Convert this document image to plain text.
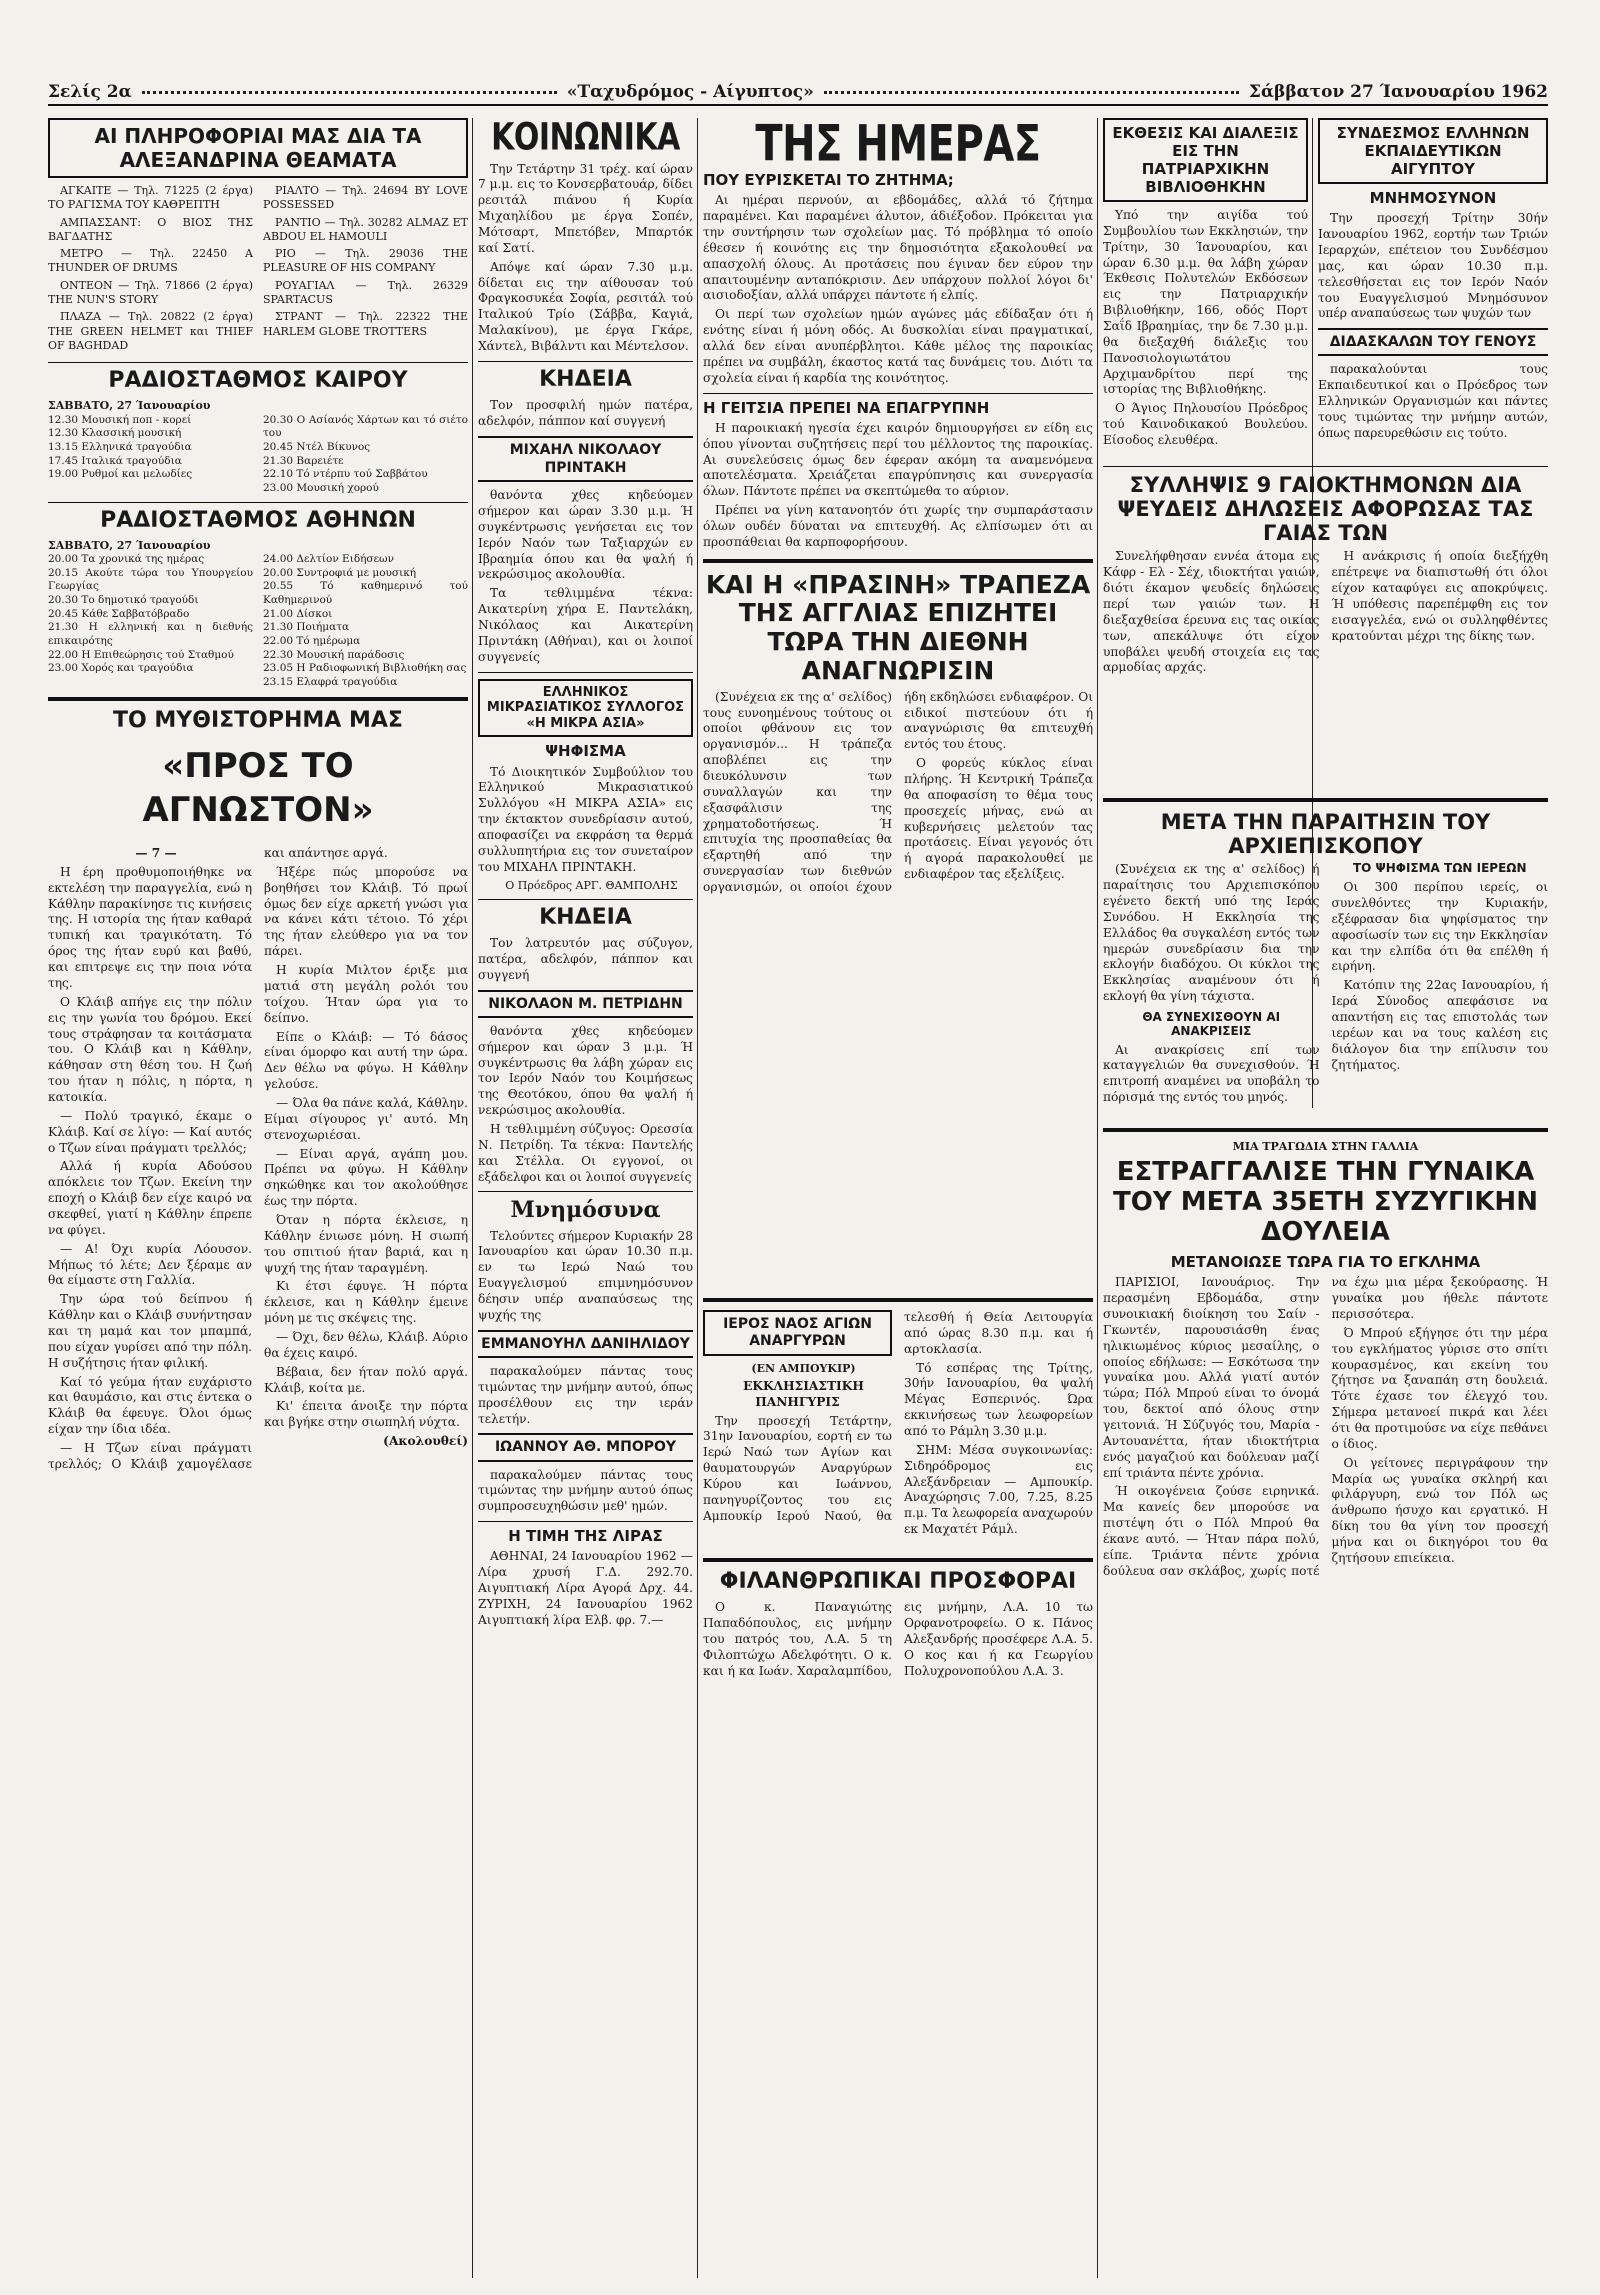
Σελίς 2α	«Ταχυδρόμος - Αίγυπτος»	Σάββατον 27 Ίανουαρίου 1962
ΑΙ ΠΛΗΡΟΦΟΡΙΑΙ ΜΑΣ ΔΙΑ ΤΑ ΑΛΕΞΑΝΔΡΙΝΑ ΘΕΑΜΑΤΑ

ΑΓΚΑΙΤΕ — Τηλ. 71225 (2 έργα) ΤΟ ΡΑΓΙΣΜΑ ΤΟΥ ΚΑΘΡΕΠΤΗ

ΑΜΠΑΣΣΑΝΤ: Ο ΒΙΟΣ ΤΗΣ ΒΑΓΔΑΤΗΣ

ΜΕΤΡΟ — Τηλ. 22450 A THUNDER OF DRUMS

ΟΝΤΕΟΝ — Τηλ. 71866 (2 έργα) THE NUN'S STORY

ΠΛΑΖΑ — Τηλ. 20822 (2 έργα) THE GREEN HELMET και THIEF OF BAGHDAD

ΡΙΑΛΤΟ — Τηλ. 24694 BY LOVE POSSESSED

ΡΑΝΤΙΟ — Τηλ. 30282 ALMAZ ET ABDOU EL HAMOULI

ΡΙΟ — Τηλ. 29036 THE PLEASURE OF HIS COMPANY

ΡΟΥΑΓΙΑΛ — Τηλ. 26329 SPARTACUS

ΣΤΡΑΝΤ — Τηλ. 22322 THE HARLEM GLOBE TROTTERS

ΡΑΔΙΟΣΤΑΘΜΟΣ ΚΑΙΡΟΥ
ΣΑΒΒΑΤΟ, 27 Ίανουαρίου
12.30 Μουσική ποπ - κορεί
12.30 Κλασσική μουσική
13.15 Ελληνικά τραγούδια
17.45 Ιταλικά τραγούδια
19.00 Ρυθμοί και μελωδίες
20.30 Ο Ασίανός Χάρτων και τό σιέτο του
20.45 Ντέλ Βίκυνος
21.30 Βαρειέτε
22.10 Τό ντέρπυ τού Σαββάτου
23.00 Μουσική χορού
ΡΑΔΙΟΣΤΑΘΜΟΣ ΑΘΗΝΩΝ
ΣΑΒΒΑΤΟ, 27 Ίανουαρίου
20.00 Τα χρονικά της ημέρας
20.15 Ακούτε τώρα του Υπουργείου Γεωργίας
20.30 Το δημοτικό τραγούδι
20.45 Κάθε Σαββατόβραδο
21.30 Η ελληνική και η διεθνής επικαιρότης
22.00 Η Επιθεώρησις τού Σταθμού
23.00 Χορός και τραγούδια
24.00 Δελτίον Ειδήσεων
20.00 Συντροφιά με μουσική
20.55 Τό καθημερινό τού Καθημερινού
21.00 Δίσκοι
21.30 Ποιήματα
22.00 Τό ημέρωμα
22.30 Μουσική παράδοσις
23.05 Η Ραδιοφωνική Βιβλιοθήκη σας
23.15 Ελαφρά τραγούδια
ΤΟ ΜΥΘΙΣΤΟΡΗΜΑ ΜΑΣ
«ΠΡΟΣ ΤΟ ΑΓΝΩΣΤΟΝ»

— 7 —

Η έρη προθυμοποιήθηκε να εκτελέση την παραγγελία, ενώ η Κάθλην παρακίνησε τις κινήσεις της. Η ιστορία της ήταν καθαρά τυπική και τραγικότατη. Τό όρος της ήταν ευρύ και βαθύ, και επιτρεψε εις την ποια νότα της.

Ο Κλάιβ απήγε εις την πόλιν εις την γωνία του δρόμου. Εκεί τους στράφησαν τα κοιτάσματα του. Ο Κλάιβ και η Κάθλην, κάθησαν στη θέση του. Η ζωή του ήταν η πόλις, η πόρτα, η κατοικία.

— Πολύ τραγικό, έκαμε ο Κλάιβ. Καί σε λίγο: — Καί αυτός ο Τζων είναι πράγματι τρελλός;

Αλλά ή κυρία Αδούσου απόκλειε τον Τζων. Εκείνη την εποχή ο Κλάιβ δεν είχε καιρό να σκεφθεί, γιατί η Κάθλην έπρεπε να φύγει.

— Α! Όχι κυρία Λόουσον. Μήπως τό λέτε; Δεν ξέραμε αν θα είμαστε στη Γαλλία.

Την ώρα τού δείπνου ή Κάθλην και ο Κλάιβ συνήντησαν και τη μαμά και τον μπαμπά, που είχαν γυρίσει από την πόλη. Η συζήτησις ήταν φιλική.

Καί τό γεύμα ήταν ευχάριστο και θαυμάσιο, και στις έντεκα ο Κλάιβ θα έφευγε. Όλοι όμως είχαν την ίδια ιδέα.

— Η Τζων είναι πράγματι τρελλός; Ο Κλάιβ χαμογέλασε και απάντησε αργά.

Ήξέρε πώς μπορούσε να βοηθήσει τον Κλάιβ. Τό πρωί όμως δεν είχε αρκετή γνώσι για να κάνει κάτι τέτοιο. Τό χέρι της ήταν ελεύθερο για να τον πάρει.

Η κυρία Μιλτον έριξε μια ματιά στη μεγάλη ρολόι του τοίχου. Ήταν ώρα για το δείπνο.

Είπε ο Κλάιβ: — Τό δάσος είναι όμορφο και αυτή την ώρα. Δεν θέλω να φύγω. Η Κάθλην γελούσε.

— Όλα θα πάνε καλά, Κάθλην. Είμαι σίγουρος γι' αυτό. Μη στενοχωριέσαι.

— Είναι αργά, αγάπη μου. Πρέπει να φύγω. Η Κάθλην σηκώθηκε και τον ακολούθησε έως την πόρτα.

Όταν η πόρτα έκλεισε, η Κάθλην ένιωσε μόνη. Η σιωπή του σπιτιού ήταν βαριά, και η ψυχή της ήταν ταραγμένη.

Κι έτσι έφυγε. Ή πόρτα έκλεισε, και η Κάθλην έμεινε μόνη με τις σκέψεις της.

— Όχι, δεν θέλω, Κλάιβ. Αύριο θα έχεις καιρό.

Βέβαια, δεν ήταν πολύ αργά. Κλάιβ, κοίτα με.

Κι' έπειτα άνοιξε την πόρτα και βγήκε στην σιωπηλή νύχτα.

(Ακολουθεί)

ΚΟΙΝΩΝΙΚΑ

Την Τετάρτην 31 τρέχ. καί ώραν 7 μ.μ. εις το Κονσερβατουάρ, δίδει ρεσιτάλ πιάνου ή Κυρία Μιχαηλίδου με έργα Σοπέν, Μότσαρτ, Μπετόβεν, Μπαρτόκ καί Σατί.

Απόψε καί ώραν 7.30 μ.μ. δίδεται εις την αίθουσαν τού Φραγκοσυκέα Σοφία, ρεσιτάλ τού Ιταλικού Τρίο (Σάββα, Καγιά, Μαλακίνου), με έργα Γκάρε, Χάντελ, Βιβάλντι και Μέντελσον.

ΚΗΔΕΙΑ

Τον προσφιλή ημών πατέρα, αδελφόν, πάππον καί συγγενή

ΜΙΧΑΗΛ ΝΙΚΟΛΑΟΥ ΠΡΙΝΤΑΚΗ

θανόντα χθες κηδεύομεν σήμερον και ώραν 3.30 μ.μ. Ή συγκέντρωσις γενήσεται εις τον Ιερόν Ναόν των Ταξιαρχών εν Ιβραημία όπου και θα ψαλή ή νεκρώσιμος ακολουθία.

Τα τεθλιμμένα τέκνα: Αικατερίνη χήρα Ε. Παντελάκη, Νικόλαος και Αικατερίνη Πριντάκη (Αθήναι), και οι λοιποί συγγενείς

ΕΛΛΗΝΙΚΟΣ ΜΙΚΡΑΣΙΑΤΙΚΟΣ ΣΥΛΛΟΓΟΣ «Η ΜΙΚΡΑ ΑΣΙΑ»
ΨΗΦΙΣΜΑ

Τό Διοικητικόν Συμβούλιον του Ελληνικού Μικρασιατικού Συλλόγου «Η ΜΙΚΡΑ ΑΣΙΑ» εις την έκτακτον συνεδρίασιν αυτού, αποφασίζει να εκφράση τα θερμά συλλυπητήρια εις τον συνεταίρον του ΜΙΧΑΗΛ ΠΡΙΝΤΑΚΗ.

Ο Πρόεδρος ΑΡΓ. ΘΑΜΠΟΛΗΣ

ΚΗΔΕΙΑ

Τον λατρευτόν μας σύζυγον, πατέρα, αδελφόν, πάππον και συγγενή

ΝΙΚΟΛΑΟΝ Μ. ΠΕΤΡΙΔΗΝ

θανόντα χθες κηδεύομεν σήμερον και ώραν 3 μ.μ. Ή συγκέντρωσις θα λάβη χώραν εις τον Ιερόν Ναόν του Κοιμήσεως της Θεοτόκου, όπου θα ψαλή ή νεκρώσιμος ακολουθία.

Η τεθλιμμένη σύζυγος: Ορεσσία Ν. Πετρίδη. Τα τέκνα: Παντελής και Στέλλα. Οι εγγονοί, οι εξάδελφοι και οι λοιποί συγγενείς

Μνημόσυνα

Τελούντες σήμερον Κυριακήν 28 Ιανουαρίου και ώραν 10.30 π.μ. εν τω Ιερώ Ναώ του Ευαγγελισμού επιμνημόσυνον δέησιν υπέρ αναπαύσεως της ψυχής της

ΕΜΜΑΝΟΥΗΛ ΔΑΝΙΗΛΙΔΟΥ

παρακαλούμεν πάντας τους τιμώντας την μνήμην αυτού, όπως προσέλθουν εις την ιεράν τελετήν.

ΙΩΑΝΝΟΥ ΑΘ. ΜΠΟΡΟΥ

παρακαλούμεν πάντας τους τιμώντας την μνήμην αυτού όπως συμπροσευχηθώσιν μεθ' ημών.

Η ΤΙΜΗ ΤΗΣ ΛΙΡΑΣ

ΑΘΗΝΑΙ, 24 Ιανουαρίου 1962 — Λίρα χρυσή Γ.Δ. 292.70. Αιγυπτιακή Λίρα Αγορά Δρχ. 44. ΖΥΡΙΧΗ, 24 Ιανουαρίου 1962 Αιγυπτιακή λίρα Ελβ. φρ. 7.—

ΤΗΣ ΗΜΕΡΑΣ
ΠΟΥ ΕΥΡΙΣΚΕΤΑΙ ΤΟ ΖΗΤΗΜΑ;

Αι ημέραι περνούν, αι εβδομάδες, αλλά τό ζήτημα παραμένει. Και παραμένει άλυτον, άδιέξοδον. Πρόκειται για την συντήρησιν των σχολείων μας. Τό πρόβλημα τό οποίο έθεσεν ή κοινότης εις την δημοσιότητα εξακολουθεί να απασχολή όλους. Αι προτάσεις που έγιναν δεν εύρον την απαιτουμένην ανταπόκρισιν. Δεν υπάρχουν πολλοί λόγοι δι' αισιοδοξίαν, αλλά υπάρχει πάντοτε ή ελπίς.

Οι περί των σχολείων ημών αγώνες μάς εδίδαξαν ότι ή ενότης είναι ή μόνη οδός. Αι δυσκολίαι είναι πραγματικαί, αλλά δεν είναι ανυπέρβλητοι. Κάθε μέλος της παροικίας πρέπει να συμβάλη, έκαστος κατά τας δυνάμεις του. Διότι τα σχολεία είναι ή καρδία της κοινότητος.

Η ΓΕΙΤΣΙΑ ΠΡΕΠΕΙ ΝΑ ΕΠΑΓΡΥΠΝΗ

Η παροικιακή ηγεσία έχει καιρόν δημιουργήσει εν είδη εις όπου γίνονται συζητήσεις περί του μέλλοντος της παροικίας. Αι συνελεύσεις όμως δεν έφεραν ακόμη τα αναμενόμενα αποτελέσματα. Χρειάζεται επαγρύπνησις και συνεργασία όλων. Πάντοτε πρέπει να σκεπτώμεθα το αύριον.

Πρέπει να γίνη κατανοητόν ότι χωρίς την συμπαράστασιν όλων ουδέν δύναται να επιτευχθή. Ας ελπίσωμεν ότι αι προσπάθειαι θα καρποφορήσουν.

ΚΑΙ Η «ΠΡΑΣΙΝΗ» ΤΡΑΠΕΖΑ ΤΗΣ ΑΓΓΛΙΑΣ ΕΠΙΖΗΤΕΙ ΤΩΡΑ ΤΗΝ ΔΙΕΘΝΗ ΑΝΑΓΝΩΡΙΣΙΝ

(Συνέχεια εκ της α' σελίδος) τους ευνοημένους τούτους οι οποίοι φθάνουν εις τον οργανισμόν... Η τράπεζα αποβλέπει εις την διευκόλυνσιν των συναλλαγών και την εξασφάλισιν της χρηματοδοτήσεως. Ή επιτυχία της προσπαθείας θα εξαρτηθή από την συνεργασίαν των διεθνών οργανισμών, οι οποίοι έχουν ήδη εκδηλώσει ενδιαφέρον. Οι ειδικοί πιστεύουν ότι ή αναγνώρισις θα επιτευχθή εντός του έτους.

Ο φορεύς κύκλος είναι πλήρης. Ή Κεντρική Τράπεζα θα αποφασίση το θέμα τους προσεχείς μήνας, ενώ αι κυβερνήσεις μελετούν τας προτάσεις. Είναι γεγονός ότι ή αγορά παρακολουθεί με ενδιαφέρον τας εξελίξεις.

ΙΕΡΟΣ ΝΑΟΣ ΑΓΙΩΝ ΑΝΑΡΓΥΡΩΝ

(ΕΝ ΑΜΠΟΥΚΙΡ)

ΕΚΚΛΗΣΙΑΣΤΙΚΗ ΠΑΝΗΓΥΡΙΣ

Την προσεχή Τετάρτην, 31ην Ιανουαρίου, εορτή εν τω Ιερώ Ναώ των Αγίων και θαυματουργών Αναργύρων Κύρου και Ιωάννου, πανηγυρίζοντος του εις Αμπουκίρ Ιερού Ναού, θα τελεσθή ή Θεία Λειτουργία από ώρας 8.30 π.μ. και ή αρτοκλασία.

Τό εσπέρας της Τρίτης, 30ήν Ιανουαρίου, θα ψαλή Μέγας Εσπερινός. Ώρα εκκινήσεως των λεωφορείων από το Ράμλη 3.30 μ.μ.

ΣΗΜ: Μέσα συγκοινωνίας: Σιδηρόδρομος εις Αλεξάνδρειαν — Αμπουκίρ. Αναχώρησις 7.00, 7.25, 8.25 π.μ. Τα λεωφορεία αναχωρούν εκ Μαχατέτ Ράμλ.

ΦΙΛΑΝΘΡΩΠΙΚΑΙ ΠΡΟΣΦΟΡΑΙ

Ο κ. Παναγιώτης Παπαδόπουλος, εις μνήμην του πατρός του, Λ.Α. 5 τη Φιλοπτώχω Αδελφότητι. Ο κ. και ή κα Ιωάν. Χαραλαμπίδου, εις μνήμην, Λ.Α. 10 τω Ορφανοτροφείω. Ο κ. Πάνος Αλεξανδρής προσέφερε Λ.Α. 5. Ο κος και ή κα Γεωργίου Πολυχρονοπούλου Λ.Α. 3.

ΕΚΘΕΣΙΣ ΚΑΙ ΔΙΑΛΕΞΙΣ ΕΙΣ ΤΗΝ ΠΑΤΡΙΑΡΧΙΚΗΝ ΒΙΒΛΙΟΘΗΚΗΝ

Υπό την αιγίδα τού Συμβουλίου των Εκκλησιών, την Τρίτην, 30 Ίανουαρίου, και ώραν 6.30 μ.μ. θα λάβη χώραν Έκθεσις Πολυτελών Εκδόσεων εις την Πατριαρχικήν Βιβλιοθήκην, 166, οδός Πορτ Σαΐδ Ιβραημίας, την δε 7.30 μ.μ. θα διεξαχθή διάλεξις του Πανοσιολογιωτάτου Αρχιμανδρίτου περί της ιστορίας της Βιβλιοθήκης.

Ο Άγιος Πηλουσίου Πρόεδρος τού Καινοδικακού Βουλεύου. Είσοδος ελευθέρα.

ΣΥΝΔΕΣΜΟΣ ΕΛΛΗΝΩΝ ΕΚΠΑΙΔΕΥΤΙΚΩΝ ΑΙΓΥΠΤΟΥ
ΜΝΗΜΟΣΥΝΟΝ

Την προσεχή Τρίτην 30ήν Ιανουαρίου 1962, εορτήν των Τριών Ιεραρχών, επέτειον του Συνδέσμου μας, και ώραν 10.30 π.μ. τελεσθήσεται εις τον Ιερόν Ναόν του Ευαγγελισμού Μνημόσυνον υπέρ αναπαύσεως των ψυχών των

ΔΙΔΑΣΚΑΛΩΝ ΤΟΥ ΓΕΝΟΥΣ

παρακαλούνται τους Εκπαιδευτικοί και ο Πρόεδρος των Ελληνικών Οργανισμών και πάντες τους τιμώντας την μνήμην αυτών, όπως παρευρεθώσιν εις τούτο.

ΣΥΛΛΗΨΙΣ 9 ΓΑΙΟΚΤΗΜΟΝΩΝ ΔΙΑ ΨΕΥΔΕΙΣ ΔΗΛΩΣΕΙΣ ΑΦΟΡΩΣΑΣ ΤΑΣ ΓΑΙΑΣ ΤΩΝ

Συνελήφθησαν εννέα άτομα εις Κάφρ - Ελ - Σέχ, ιδιοκτήται γαιών, διότι έκαμον ψευδείς δηλώσεις περί των γαιών των. Η διεξαχθείσα έρευνα εις τας οικίας των, απεκάλυψε ότι είχον υποβάλει ψευδή στοιχεία εις τας αρμοδίας αρχάς.

Η ανάκρισις ή οποία διεξήχθη επέτρεψε να διαπιστωθή ότι όλοι είχον καταφύγει εις αποκρύψεις. Ή υπόθεσις παρεπέμφθη εις τον εισαγγελέα, ενώ οι συλληφθέντες κρατούνται μέχρι της δίκης των.

ΜΕΤΑ ΤΗΝ ΠΑΡΑΙΤΗΣΙΝ ΤΟΥ ΑΡΧΙΕΠΙΣΚΟΠΟΥ

(Συνέχεια εκ της α' σελίδος) ή παραίτησις του Αρχιεπισκόπου εγένετο δεκτή υπό της Ιεράς Συνόδου. Η Εκκλησία της Ελλάδος θα συγκαλέση εντός των ημερών συνεδρίασιν δια την εκλογήν διαδόχου. Οι κύκλοι της Εκκλησίας αναμένουν ότι ή εκλογή θα γίνη τάχιστα.

ΘΑ ΣΥΝΕΧΙΣΘΟΥΝ ΑΙ ΑΝΑΚΡΙΣΕΙΣ

Αι ανακρίσεις επί των καταγγελιών θα συνεχισθούν. Ή επιτροπή αναμένει να υποβάλη το πόρισμά της εντός του μηνός.

ΤΟ ΨΗΦΙΣΜΑ ΤΩΝ ΙΕΡΕΩΝ

Οι 300 περίπου ιερείς, οι συνελθόντες την Κυριακήν, εξέφρασαν δια ψηφίσματος την αφοσίωσίν των εις την Εκκλησίαν και την ελπίδα ότι θα επέλθη ή ειρήνη.

Κατόπιν της 22ας Ιανουαρίου, ή Ιερά Σύνοδος απεφάσισε να απαντήση εις τας επιστολάς των ιερέων και να τους καλέση εις διάλογον δια την επίλυσιν του ζητήματος.

ΜΙΑ ΤΡΑΓΩΔΙΑ ΣΤΗΝ ΓΑΛΛΙΑ

ΕΣΤΡΑΓΓΑΛΙΣΕ ΤΗΝ ΓΥΝΑΙΚΑ ΤΟΥ ΜΕΤΑ 35ΕΤΗ ΣΥΖΥΓΙΚΗΝ ΔΟΥΛΕΙΑ
ΜΕΤΑΝΟΙΩΣΕ ΤΩΡΑ ΓΙΑ ΤΟ ΕΓΚΛΗΜΑ

ΠΑΡΙΣΙΟΙ, Ιανουάριος. Την περασμένη Εβδομάδα, στην συνοικιακή διοίκηση του Σαίν - Γκωντέν, παρουσιάσθη ένας ηλικιωμένος κύριος μεσαίλης, ο οποίος εδήλωσε: — Εσκότωσα την γυναίκα μου. Αλλά γιατί αυτόν τώρα; Πόλ Μπρού είναι το όνομά του, δεκτοί από όλους στην γειτονιά. Ή Σύζυγός του, Μαρία - Αντουανέττα, ήταν ιδιοκτήτρια ενός μαγαζιού και δούλευαν μαζί επί τριάντα πέντε χρόνια.

Ή οικογένεια ζούσε ειρηνικά. Μα κανείς δεν μπορούσε να πιστέψη ότι ο Πόλ Μπρού θα έκανε αυτό. — Ήταν πάρα πολύ, είπε. Τριάντα πέντε χρόνια δούλευα σαν σκλάβος, χωρίς ποτέ να έχω μια μέρα ξεκούρασης. Ή γυναίκα μου ήθελε πάντοτε περισσότερα.

Ό Μπρού εξήγησε ότι την μέρα του εγκλήματος γύρισε στο σπίτι κουρασμένος, και εκείνη του ζήτησε να ξαναπάη στη δουλειά. Τότε έχασε τον έλεγχό του. Σήμερα μετανοεί πικρά και λέει ότι θα προτιμούσε να είχε πεθάνει ο ίδιος.

Οι γείτονες περιγράφουν την Μαρία ως γυναίκα σκληρή και φιλάργυρη, ενώ τον Πόλ ως άνθρωπο ήσυχο και εργατικό. Η δίκη του θα γίνη τον προσεχή μήνα και οι δικηγόροι του θα ζητήσουν επιείκεια.
